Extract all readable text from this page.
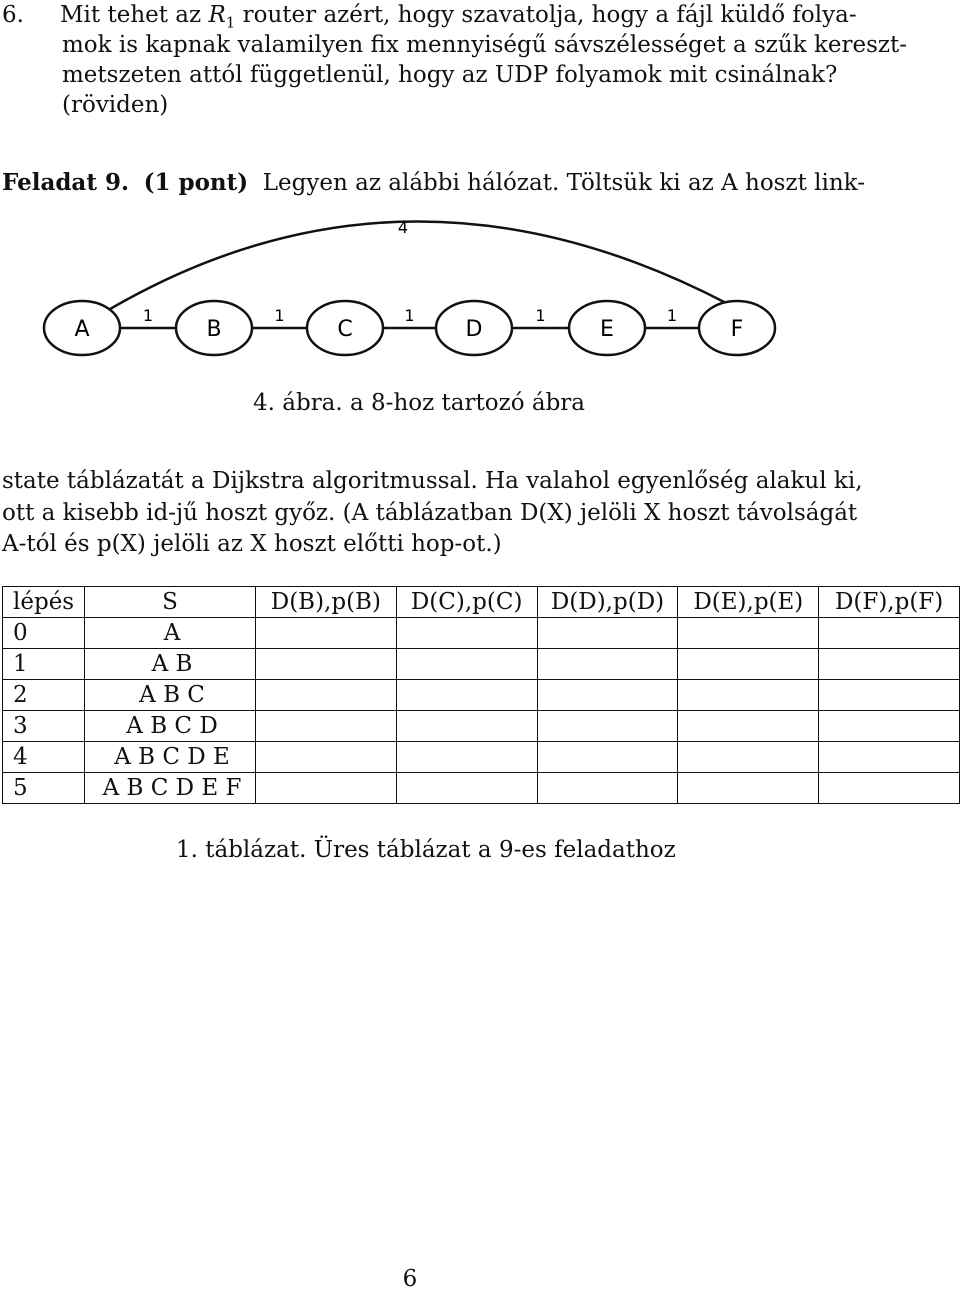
6. Mit tehet az $R_1$ router azért, hogy szavatolja, hogy a fájl küldő folya-
mok is kapnak valamilyen fix mennyiségű sávszélességet a szűk kereszt-
metszeten attól függetlenül, hogy az UDP folyamok mit csinálnak?
(röviden)
Feladat 9. (1 pont) Legyen az alábbi hálózat. Töltsük ki az A hoszt link-
4
1	1	1	1	1
A	B	C	D	E	F
4. ábra. a 8-hoz tartozó ábra
state táblázatát a Dijkstra algoritmussal. Ha valahol egyenlőség alakul ki,
ott a kisebb id-jű hoszt győz. (A táblázatban D(X) jelöli X hoszt távolságát
A-tól és p(X) jelöli az X hoszt előtti hop-ot.)
lépés	S	D(B),p(B)	D(C),p(C)	D(D),p(D)	D(E),p(E)	D(F),p(F)
0	A					
1	A B					
2	A B C					
3	A B C D					
4	A B C D E					
5	A B C D E F					
1. táblázat. Üres táblázat a 9-es feladathoz
6
